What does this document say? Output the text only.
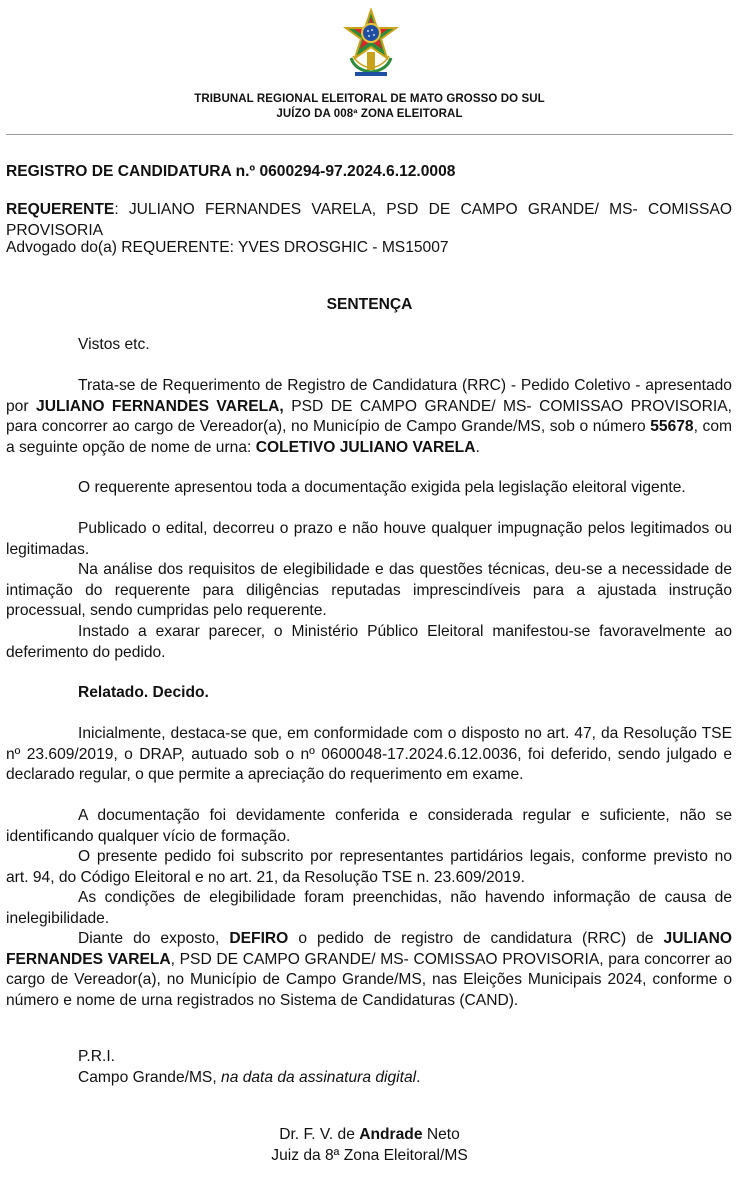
TRIBUNAL REGIONAL ELEITORAL DE MATO GROSSO DO SUL
JUÍZO DA 008ª ZONA ELEITORAL
REGISTRO DE CANDIDATURA n.º 0600294-97.2024.6.12.0008
REQUERENTE: JULIANO FERNANDES VARELA, PSD DE CAMPO GRANDE/ MS- COMISSAO PROVISORIA
Advogado do(a) REQUERENTE: YVES DROSGHIC - MS15007
SENTENÇA
Vistos etc.
Trata-se de Requerimento de Registro de Candidatura (RRC) - Pedido Coletivo - apresentado por JULIANO FERNANDES VARELA, PSD DE CAMPO GRANDE/ MS- COMISSAO PROVISORIA, para concorrer ao cargo de Vereador(a), no Município de Campo Grande/MS, sob o número 55678, com a seguinte opção de nome de urna: COLETIVO JULIANO VARELA.
O requerente apresentou toda a documentação exigida pela legislação eleitoral vigente.
Publicado o edital, decorreu o prazo e não houve qualquer impugnação pelos legitimados ou legitimadas.
Na análise dos requisitos de elegibilidade e das questões técnicas, deu-se a necessidade de intimação do requerente para diligências reputadas imprescindíveis para a ajustada instrução processual, sendo cumpridas pelo requerente.
Instado a exarar parecer, o Ministério Público Eleitoral manifestou-se favoravelmente ao deferimento do pedido.
Relatado. Decido.
Inicialmente, destaca-se que, em conformidade com o disposto no art. 47, da Resolução TSE nº 23.609/2019, o DRAP, autuado sob o nº 0600048-17.2024.6.12.0036, foi deferido, sendo julgado e declarado regular, o que permite a apreciação do requerimento em exame.
A documentação foi devidamente conferida e considerada regular e suficiente, não se identificando qualquer vício de formação.
O presente pedido foi subscrito por representantes partidários legais, conforme previsto no art. 94, do Código Eleitoral e no art. 21, da Resolução TSE n. 23.609/2019.
As condições de elegibilidade foram preenchidas, não havendo informação de causa de inelegibilidade.
Diante do exposto, DEFIRO o pedido de registro de candidatura (RRC) de JULIANO FERNANDES VARELA, PSD DE CAMPO GRANDE/ MS- COMISSAO PROVISORIA, para concorrer ao cargo de Vereador(a), no Município de Campo Grande/MS, nas Eleições Municipais 2024, conforme o número e nome de urna registrados no Sistema de Candidaturas (CAND).
P.R.I.
Campo Grande/MS, na data da assinatura digital.
Dr. F. V. de Andrade Neto
Juiz da 8ª Zona Eleitoral/MS
